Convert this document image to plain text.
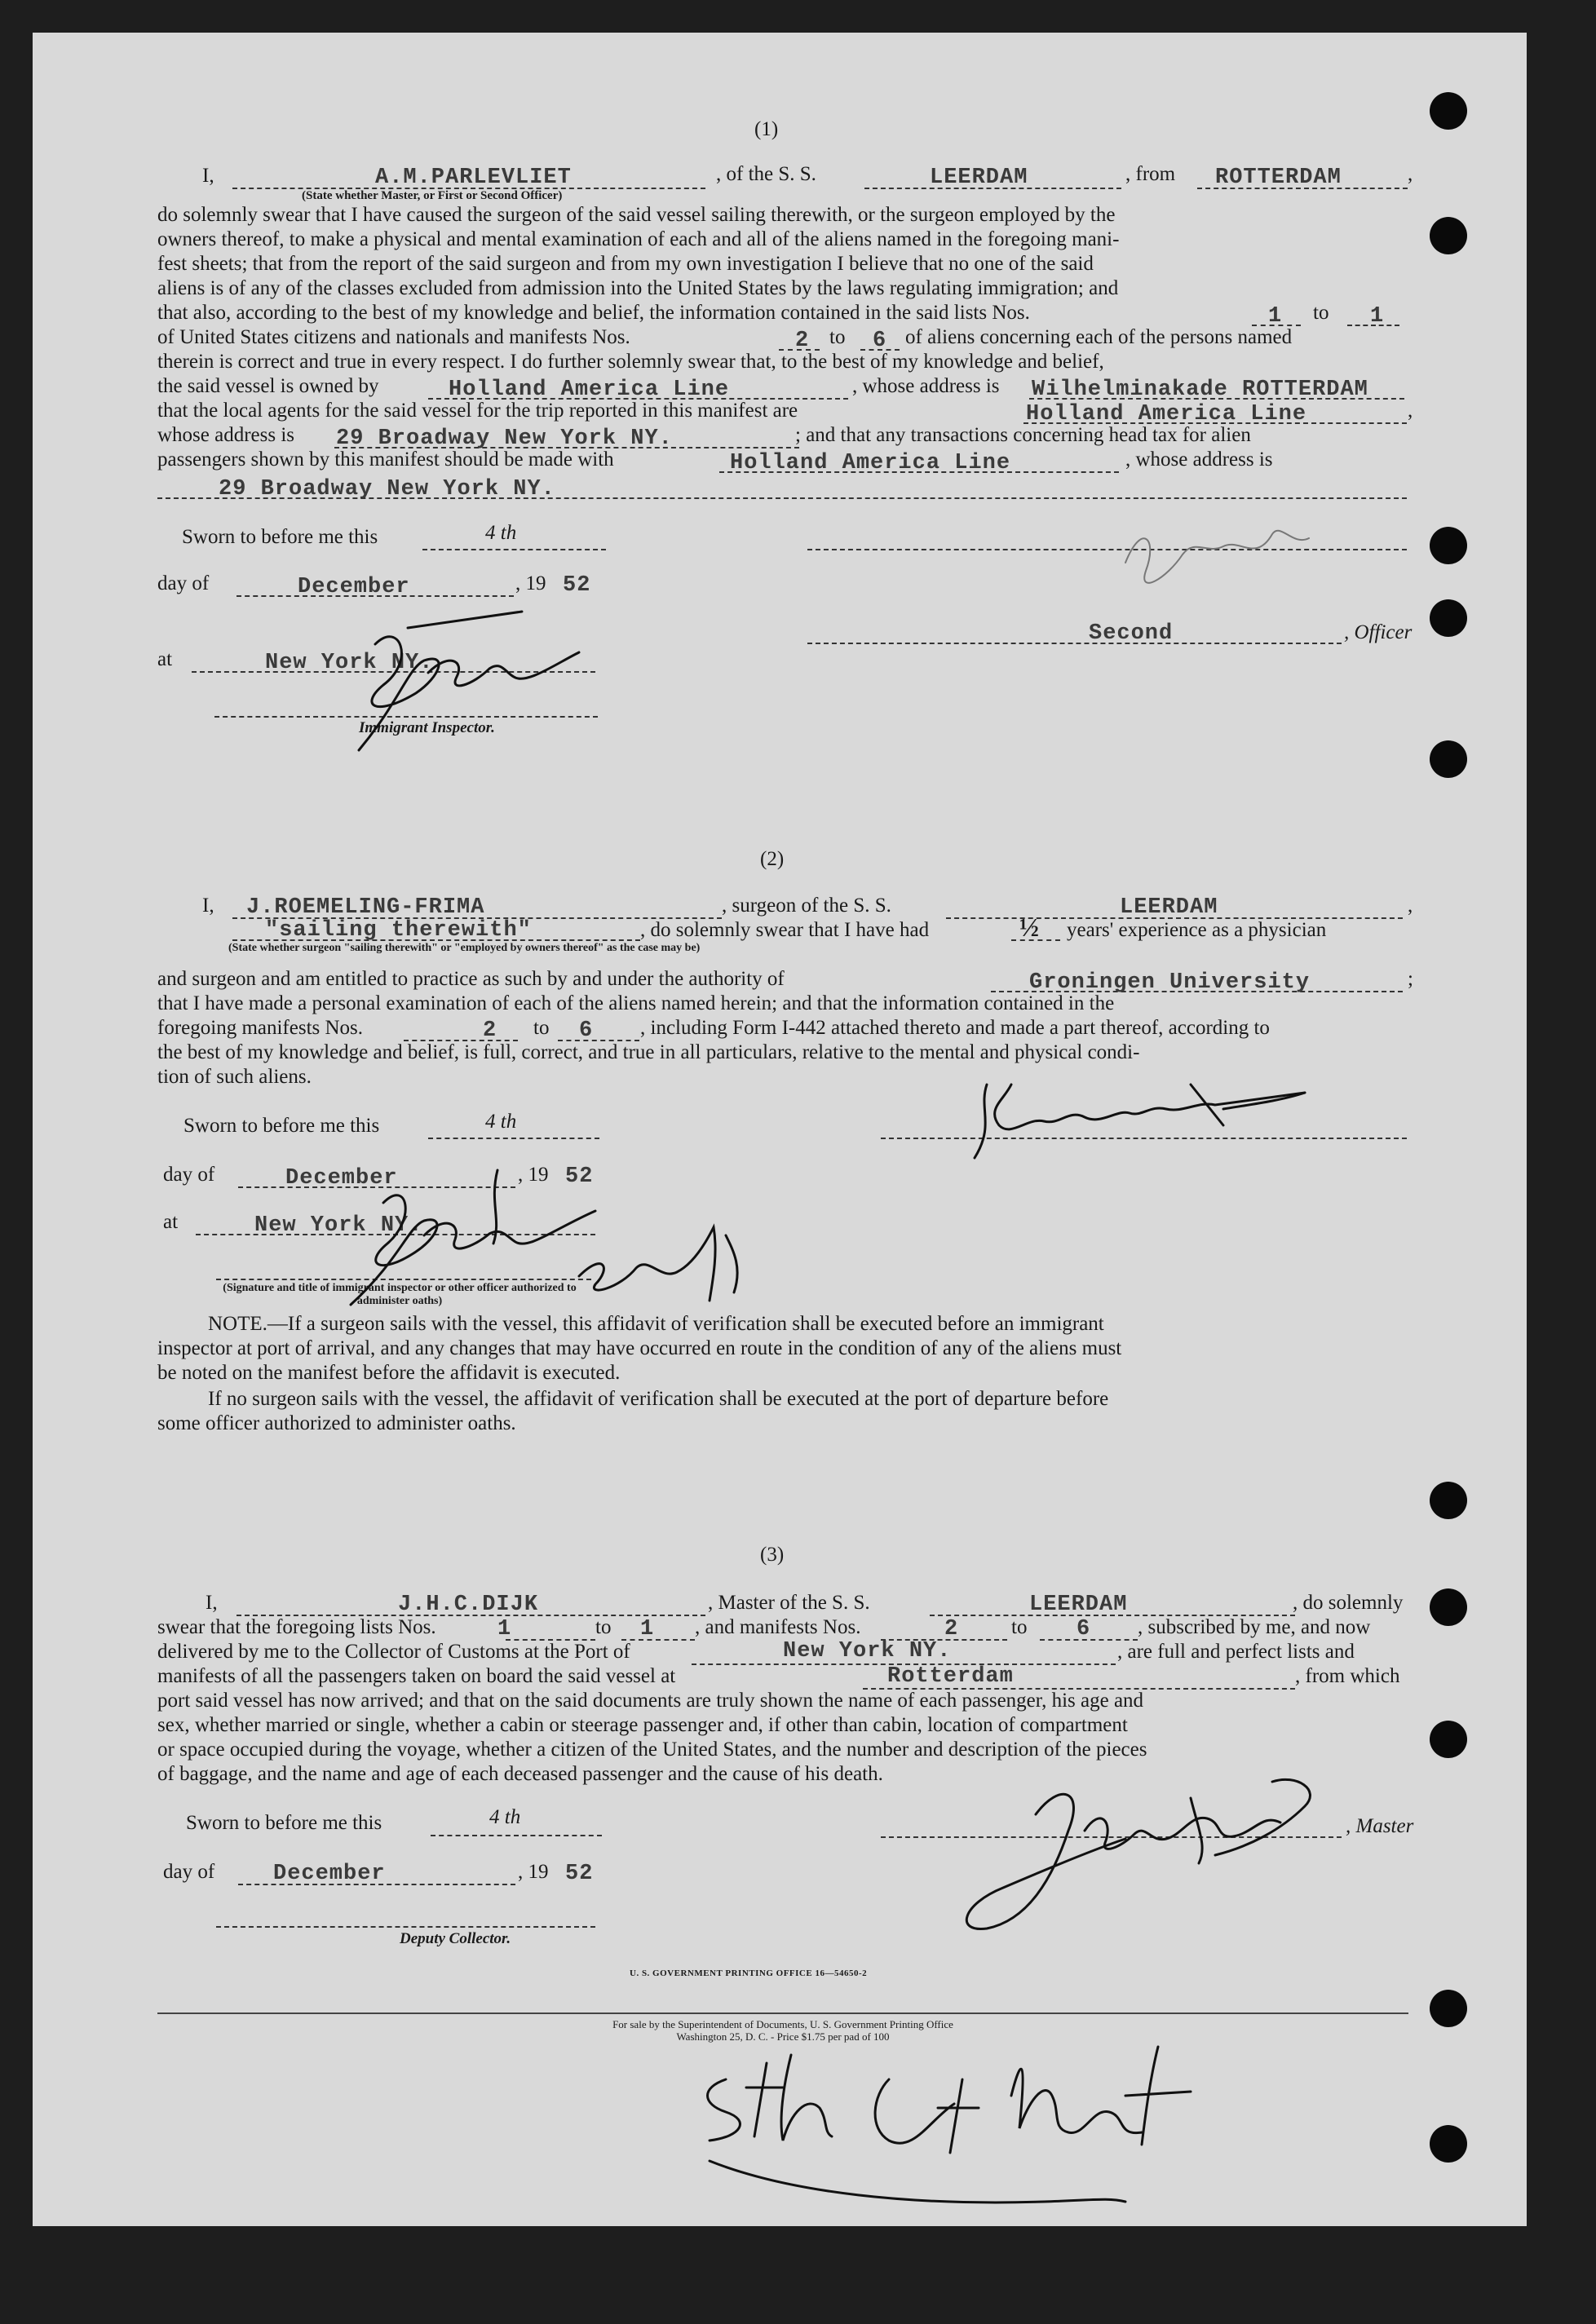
(1)
I,	A.M.PARLEVLIET
(State whether Master, or First or Second Officer)
, of the S. S.	LEERDAM	, from ROTTERDAM	,
do solemnly swear that I have caused the surgeon of the said vessel sailing therewith, or the surgeon employed by the
owners thereof, to make a physical and mental examination of each and all of the aliens named in the foregoing mani-
fest sheets; that from the report of the said surgeon and from my own investigation I believe that no one of the said
aliens is of any of the classes excluded from admission into the United States by the laws regulating immigration; and
that also, according to the best of my knowledge and belief, the information contained in the said lists Nos.	1 to 1
of United States citizens and nationals and manifests Nos.	2 to 6 of aliens concerning each of the persons named
therein is correct and true in every respect. I do further solemnly swear that, to the best of my knowledge and belief,
the said vessel is owned by	Holland America Line	, whose address is Wilhelminakade ROTTERDAM
that the local agents for the said vessel for the trip reported in this manifest are	Holland America Line	,
whose address is 29 Broadway New York NY.	; and that any transactions concerning head tax for alien
passengers shown by this manifest should be made with	Holland America Line	, whose address is
29 Broadway New York NY.
Sworn to before me this	4 th
day of	December	, 19 52
Second	, Officer
at	New York NY.
Immigrant Inspector.
(2)
I, J.ROEMELING-FRIMA	, surgeon of the S. S.	LEERDAM	,
"sailing therewith"	, do solemnly swear that I have had	½ years' experience as a physician
(State whether surgeon "sailing therewith" or "employed by owners thereof" as the case may be)
and surgeon and am entitled to practice as such by and under the authority of	Groningen University	;
that I have made a personal examination of each of the aliens named herein; and that the information contained in the
foregoing manifests Nos.	2 to 6 , including Form I-442 attached thereto and made a part thereof, according to
the best of my knowledge and belief, is full, correct, and true in all particulars, relative to the mental and physical condi-
tion of such aliens.
Sworn to before me this	4 th
day of	December	, 19 52
at	New York NY.
(Signature and title of immigrant inspector or other officer authorized to administer oaths)
NOTE.—If a surgeon sails with the vessel, this affidavit of verification shall be executed before an immigrant
inspector at port of arrival, and any changes that may have occurred en route in the condition of any of the aliens must
be noted on the manifest before the affidavit is executed.
If no surgeon sails with the vessel, the affidavit of verification shall be executed at the port of departure before
some officer authorized to administer oaths.
(3)
I,	J.H.C.DIJK	, Master of the S. S.	LEERDAM	, do solemnly
swear that the foregoing lists Nos.	1	to 1 , and manifests Nos.	2	to 6 , subscribed by me, and now
delivered by me to the Collector of Customs at the Port of	New York NY.	, are full and perfect lists and
manifests of all the passengers taken on board the said vessel at	Rotterdam	, from which
port said vessel has now arrived; and that on the said documents are truly shown the name of each passenger, his age and
sex, whether married or single, whether a cabin or steerage passenger and, if other than cabin, location of compartment
or space occupied during the voyage, whether a citizen of the United States, and the number and description of the pieces
of baggage, and the name and age of each deceased passenger and the cause of his death.
Sworn to before me this	4 th	, Master
day of	December	, 19 52
Deputy Collector.
U. S. GOVERNMENT PRINTING OFFICE 16—54650-2
For sale by the Superintendent of Documents, U. S. Government Printing Office
Washington 25, D. C. - Price $1.75 per pad of 100
